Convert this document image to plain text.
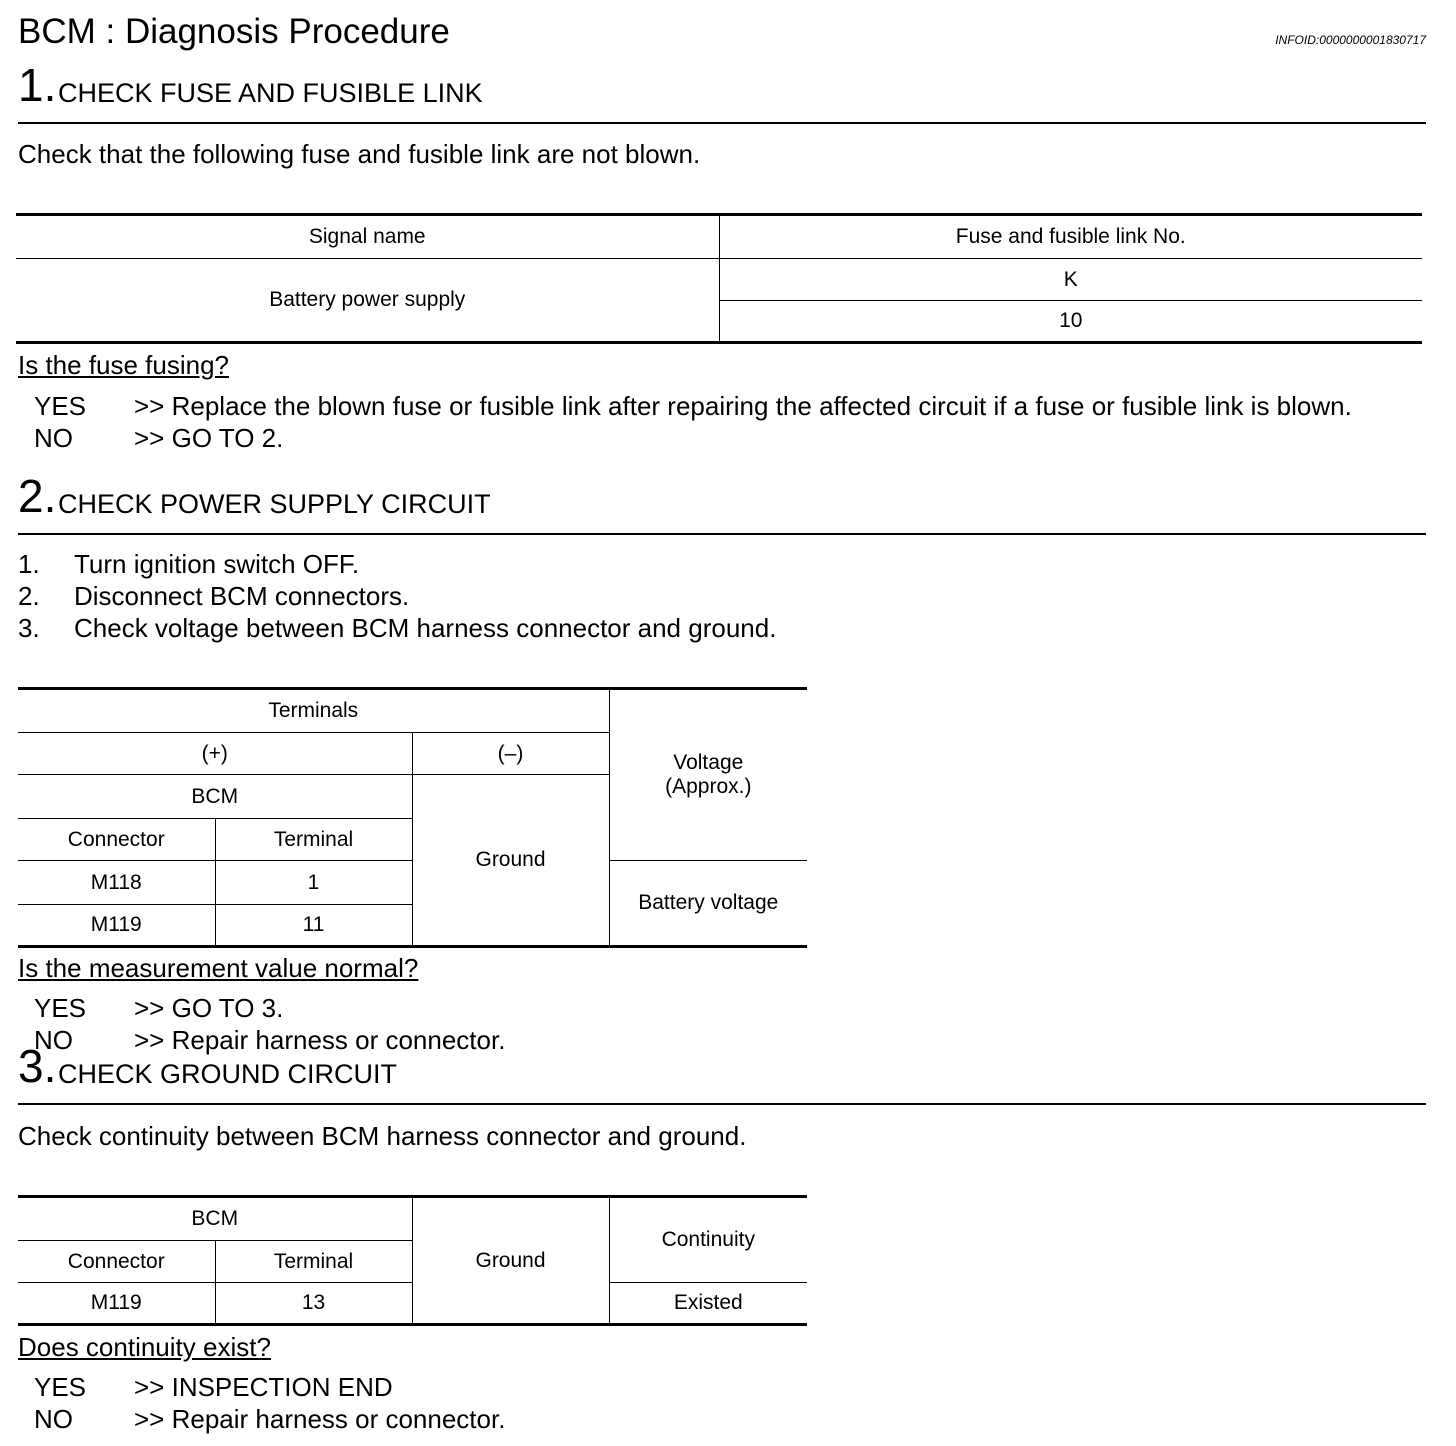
BCM : Diagnosis Procedure	INFOID:0000000001830717
1. CHECK FUSE AND FUSIBLE LINK
Check that the following fuse and fusible link are not blown.
Signal name	Fuse and fusible link No.
Battery power supply	K
	10
Is the fuse fusing?
YES >> Replace the blown fuse or fusible link after repairing the affected circuit if a fuse or fusible link is blown.
NO >> GO TO 2.
2. CHECK POWER SUPPLY CIRCUIT
1. Turn ignition switch OFF.
2. Disconnect BCM connectors.
3. Check voltage between BCM harness connector and ground.
Terminals			Voltage
(Approx.)

(+)		(–)	
BCM		Ground	
Connector	Terminal		
M118	1		Battery voltage
M119	11		
Is the measurement value normal?
YES >> GO TO 3.
NO >> Repair harness or connector.
3. CHECK GROUND CIRCUIT
Check continuity between BCM harness connector and ground.
BCM		Ground	Continuity
Connector	Terminal		
M119	13		Existed
Does continuity exist?
YES >> INSPECTION END
NO >> Repair harness or connector.
